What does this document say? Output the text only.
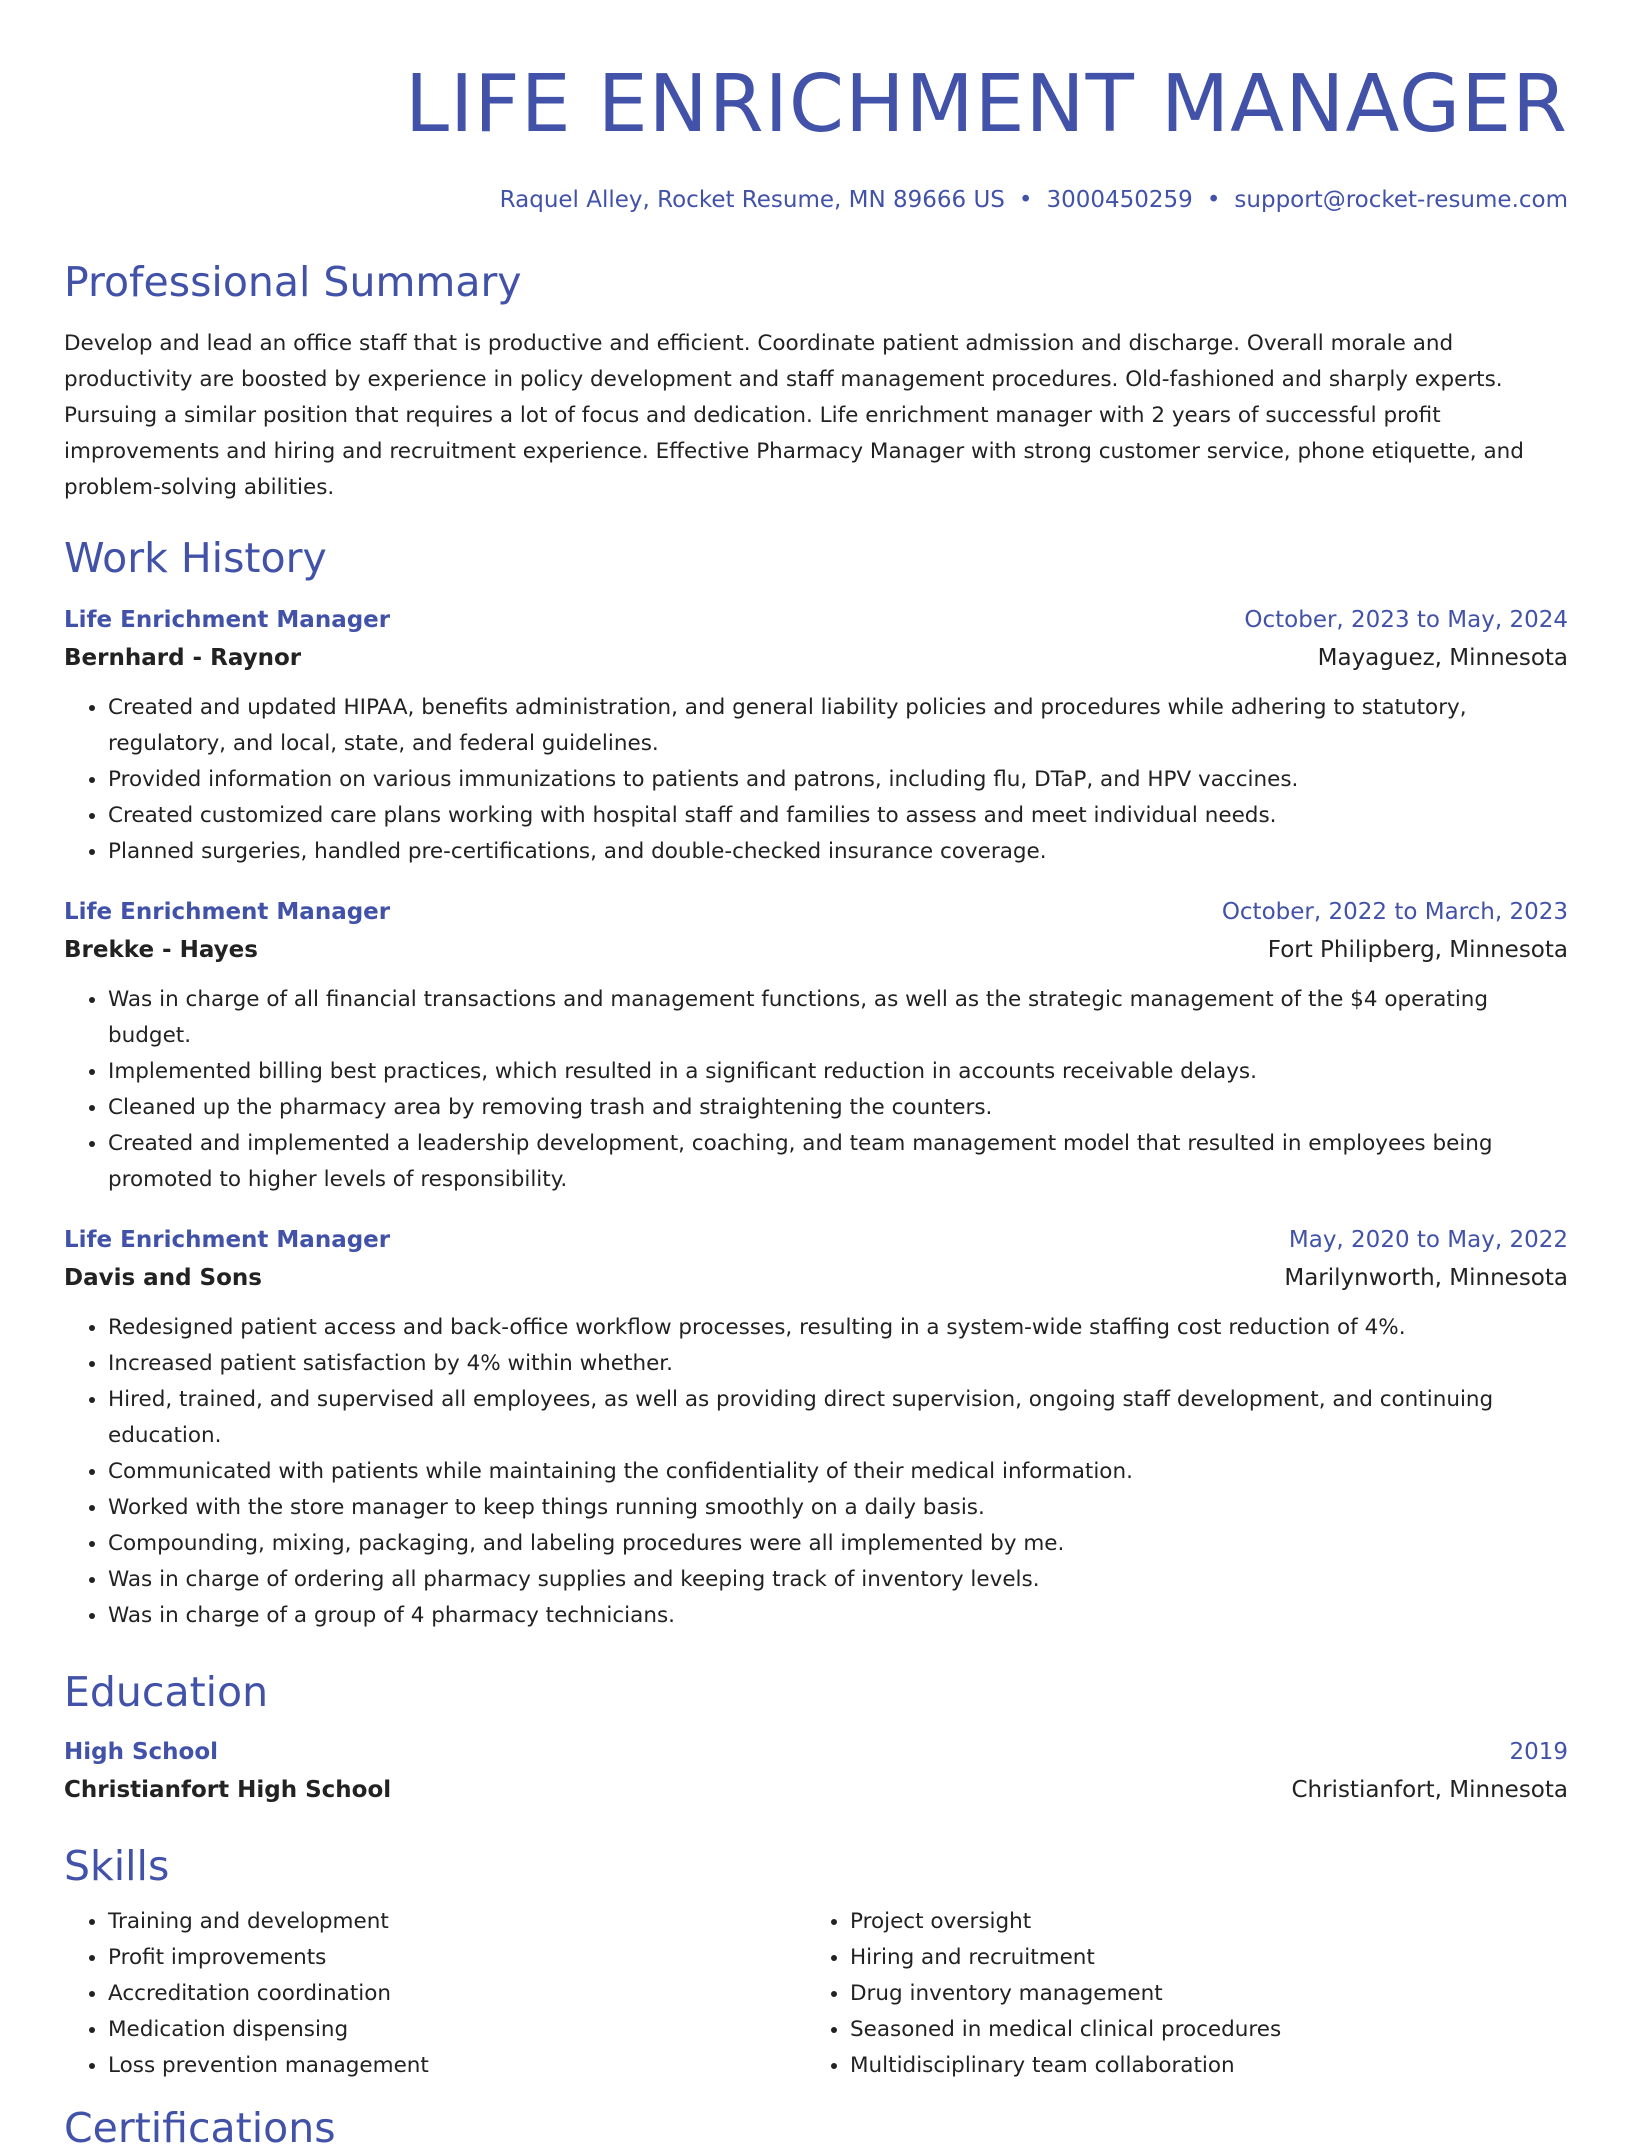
LIFE ENRICHMENT MANAGER
Raquel Alley, Rocket Resume, MN 89666 US • 3000450259 • support@rocket-resume.com
Professional Summary
Develop and lead an office staff that is productive and efficient. Coordinate patient admission and discharge. Overall morale and productivity are boosted by experience in policy development and staff management procedures. Old-fashioned and sharply experts. Pursuing a similar position that requires a lot of focus and dedication. Life enrichment manager with 2 years of successful profit improvements and hiring and recruitment experience. Effective Pharmacy Manager with strong customer service, phone etiquette, and problem-solving abilities.
Work History
Life Enrichment Manager	October, 2023 to May, 2024
Bernhard - Raynor	Mayaguez, Minnesota
• Created and updated HIPAA, benefits administration, and general liability policies and procedures while adhering to statutory, regulatory, and local, state, and federal guidelines.
• Provided information on various immunizations to patients and patrons, including flu, DTaP, and HPV vaccines.
• Created customized care plans working with hospital staff and families to assess and meet individual needs.
• Planned surgeries, handled pre-certifications, and double-checked insurance coverage.
Life Enrichment Manager	October, 2022 to March, 2023
Brekke - Hayes	Fort Philipberg, Minnesota
• Was in charge of all financial transactions and management functions, as well as the strategic management of the $4 operating budget.
• Implemented billing best practices, which resulted in a significant reduction in accounts receivable delays.
• Cleaned up the pharmacy area by removing trash and straightening the counters.
• Created and implemented a leadership development, coaching, and team management model that resulted in employees being promoted to higher levels of responsibility.
Life Enrichment Manager	May, 2020 to May, 2022
Davis and Sons	Marilynworth, Minnesota
• Redesigned patient access and back-office workflow processes, resulting in a system-wide staffing cost reduction of 4%.
• Increased patient satisfaction by 4% within whether.
• Hired, trained, and supervised all employees, as well as providing direct supervision, ongoing staff development, and continuing education.
• Communicated with patients while maintaining the confidentiality of their medical information.
• Worked with the store manager to keep things running smoothly on a daily basis.
• Compounding, mixing, packaging, and labeling procedures were all implemented by me.
• Was in charge of ordering all pharmacy supplies and keeping track of inventory levels.
• Was in charge of a group of 4 pharmacy technicians.
Education
High School	2019
Christianfort High School	Christianfort, Minnesota
Skills
• Training and development
• Profit improvements
• Accreditation coordination
• Medication dispensing
• Loss prevention management
• Project oversight
• Hiring and recruitment
• Drug inventory management
• Seasoned in medical clinical procedures
• Multidisciplinary team collaboration
Certifications
